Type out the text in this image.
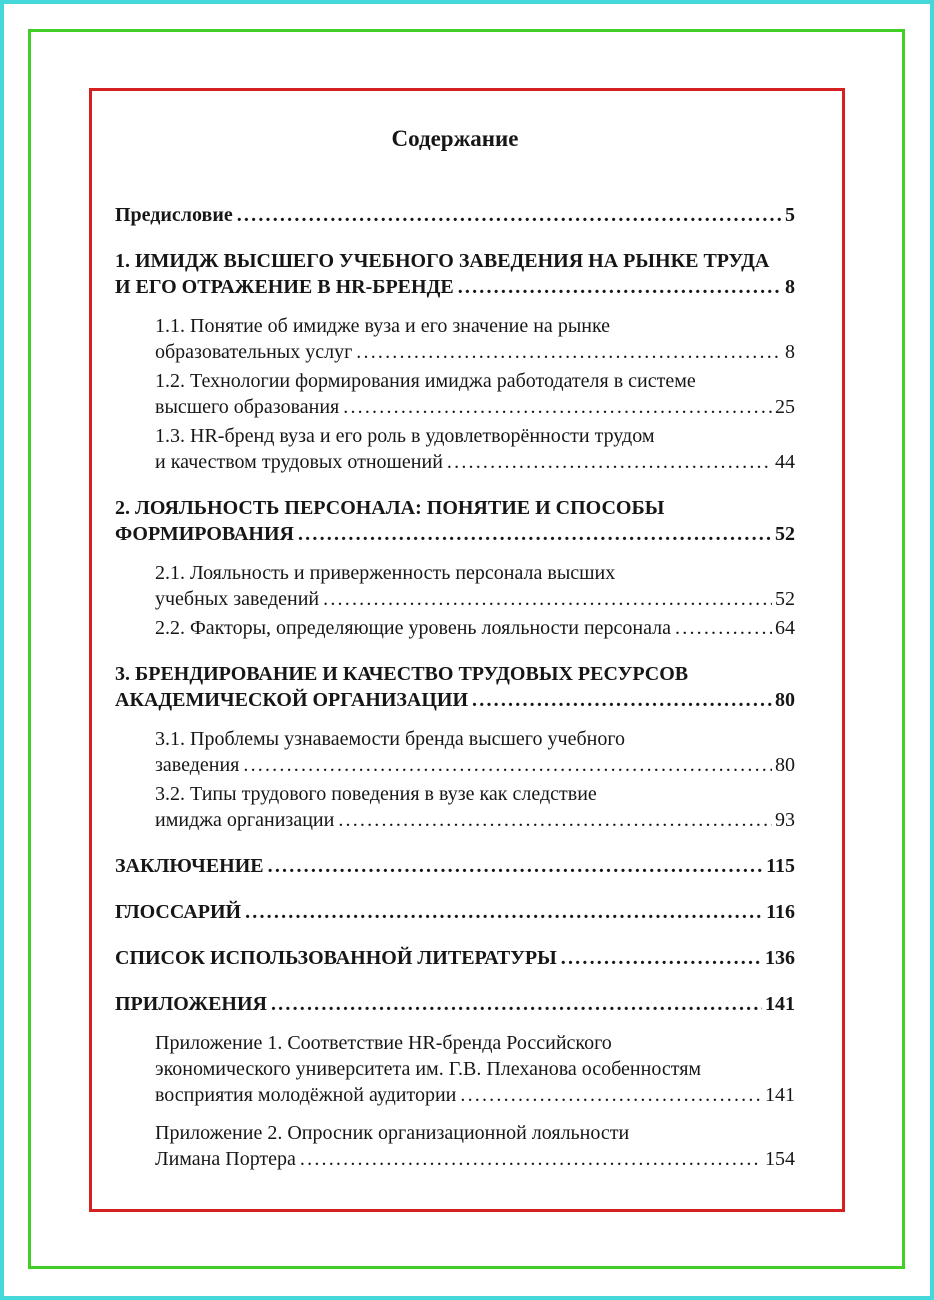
Содержание
Предисловие .....	5
1. ИМИДЖ ВЫСШЕГО УЧЕБНОГО ЗАВЕДЕНИЯ НА РЫНКЕ ТРУДА
И ЕГО ОТРАЖЕНИЕ В HR-БРЕНДЕ .....	8
1.1. Понятие об имидже вуза и его значение на рынке
образовательных услуг .....	8
1.2. Технологии формирования имиджа работодателя в системе
высшего образования .....	25
1.3. HR-бренд вуза и его роль в удовлетворённости трудом
и качеством трудовых отношений .....	44
2. ЛОЯЛЬНОСТЬ ПЕРСОНАЛА: ПОНЯТИЕ И СПОСОБЫ
ФОРМИРОВАНИЯ .....	52
2.1. Лояльность и приверженность персонала высших
учебных заведений .....	52
2.2. Факторы, определяющие уровень лояльности персонала .....	64
3. БРЕНДИРОВАНИЕ И КАЧЕСТВО ТРУДОВЫХ РЕСУРСОВ
АКАДЕМИЧЕСКОЙ ОРГАНИЗАЦИИ .....	80
3.1. Проблемы узнаваемости бренда высшего учебного
заведения .....	80
3.2. Типы трудового поведения в вузе как следствие
имиджа организации .....	93
ЗАКЛЮЧЕНИЕ .....	115
ГЛОССАРИЙ .....	116
СПИСОК ИСПОЛЬЗОВАННОЙ ЛИТЕРАТУРЫ .....	136
ПРИЛОЖЕНИЯ .....	141
Приложение 1. Соответствие HR-бренда Российского
экономического университета им. Г.В. Плеханова особенностям
восприятия молодёжной аудитории .....	141
Приложение 2. Опросник организационной лояльности
Лимана Портера .....	154
